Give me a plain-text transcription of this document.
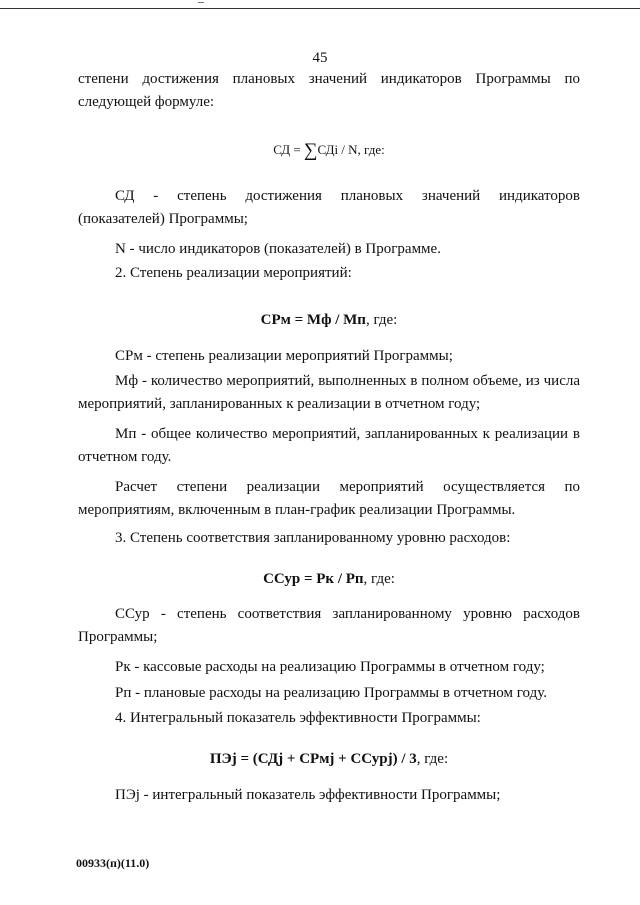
45
степени достижения плановых значений индикаторов Программы по следующей формуле:
СД = ∑СДi / N, где:
СД - степень достижения плановых значений индикаторов (показателей) Программы;
N - число индикаторов (показателей) в Программе.
2. Степень реализации мероприятий:
СРм = Мф / Мп, где:
СРм - степень реализации мероприятий Программы;
Мф - количество мероприятий, выполненных в полном объеме, из числа мероприятий, запланированных к реализации в отчетном году;
Мп - общее количество мероприятий, запланированных к реализации в отчетном году.
Расчет степени реализации мероприятий осуществляется по мероприятиям, включенным в план-график реализации Программы.
3. Степень соответствия запланированному уровню расходов:
ССур = Рк / Рп, где:
ССур - степень соответствия запланированному уровню расходов Программы;
Рк - кассовые расходы на реализацию Программы в отчетном году;
Рп - плановые расходы на реализацию Программы в отчетном году.
4. Интегральный показатель эффективности Программы:
ПЭj = (СДj + СРмj + ССурj) / 3, где:
ПЭj - интегральный показатель эффективности Программы;
00933(п)(11.0)
